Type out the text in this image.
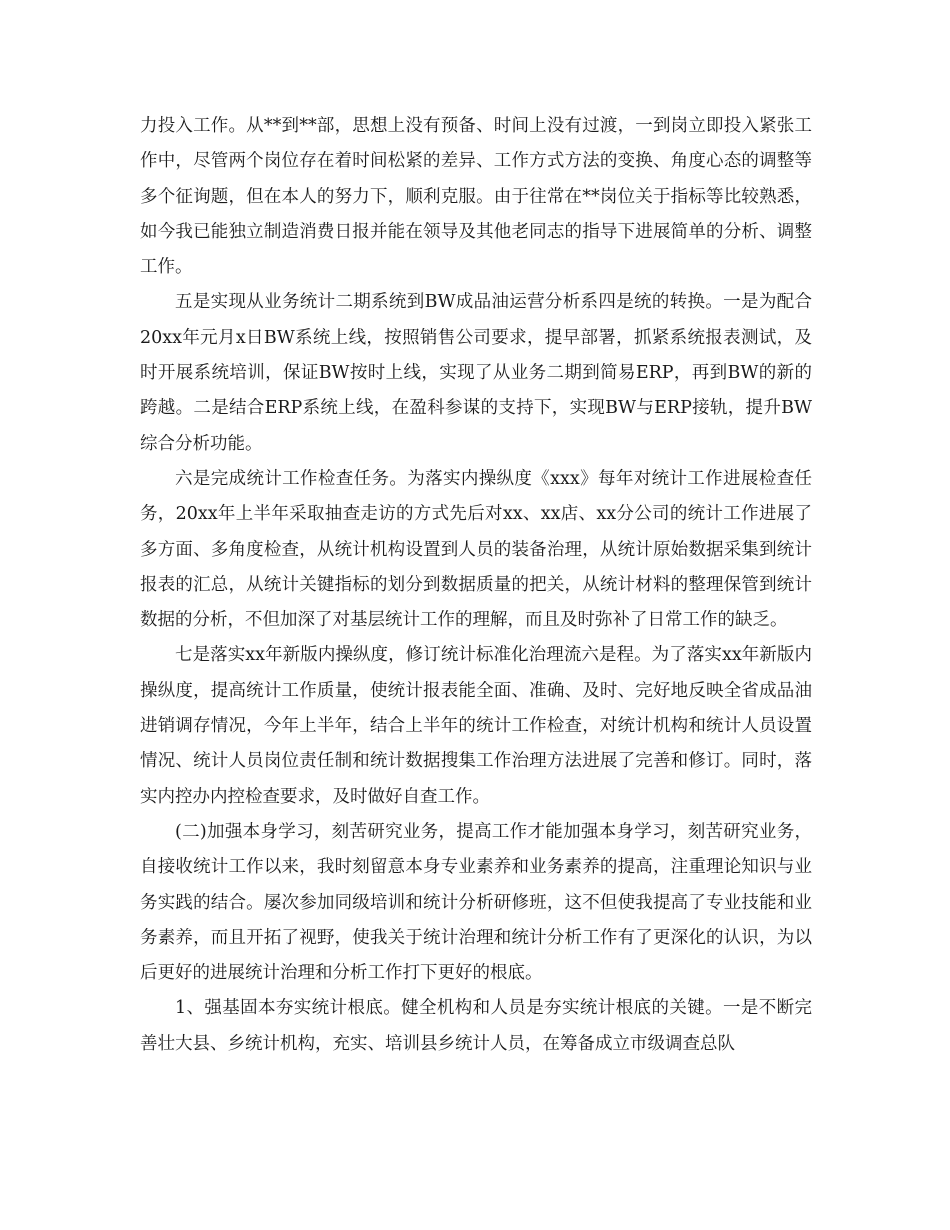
力投入工作。从**到**部，思想上没有预备、时间上没有过渡，一到岗立即投入紧张工作中，尽管两个岗位存在着时间松紧的差异、工作方式方法的变换、角度心态的调整等多个征询题，但在本人的努力下，顺利克服。由于往常在**岗位关于指标等比较熟悉，如今我已能独立制造消费日报并能在领导及其他老同志的指导下进展简单的分析、调整工作。

五是实现从业务统计二期系统到BW成品油运营分析系四是统的转换。一是为配合20xx年元月x日BW系统上线，按照销售公司要求，提早部署，抓紧系统报表测试，及时开展系统培训，保证BW按时上线，实现了从业务二期到简易ERP，再到BW的新的跨越。二是结合ERP系统上线，在盈科参谋的支持下，实现BW与ERP接轨，提升BW综合分析功能。

六是完成统计工作检查任务。为落实内操纵度《xxx》每年对统计工作进展检查任务，20xx年上半年采取抽查走访的方式先后对xx、xx店、xx分公司的统计工作进展了多方面、多角度检查，从统计机构设置到人员的装备治理，从统计原始数据采集到统计报表的汇总，从统计关键指标的划分到数据质量的把关，从统计材料的整理保管到统计数据的分析，不但加深了对基层统计工作的理解，而且及时弥补了日常工作的缺乏。

七是落实xx年新版内操纵度，修订统计标准化治理流六是程。为了落实xx年新版内操纵度，提高统计工作质量，使统计报表能全面、准确、及时、完好地反映全省成品油进销调存情况，今年上半年，结合上半年的统计工作检查，对统计机构和统计人员设置情况、统计人员岗位责任制和统计数据搜集工作治理方法进展了完善和修订。同时，落实内控办内控检查要求，及时做好自查工作。

(二)加强本身学习，刻苦研究业务，提高工作才能加强本身学习，刻苦研究业务，自接收统计工作以来，我时刻留意本身专业素养和业务素养的提高，注重理论知识与业务实践的结合。屡次参加同级培训和统计分析研修班，这不但使我提高了专业技能和业务素养，而且开拓了视野，使我关于统计治理和统计分析工作有了更深化的认识，为以后更好的进展统计治理和分析工作打下更好的根底。

1、强基固本夯实统计根底。健全机构和人员是夯实统计根底的关键。一是不断完善壮大县、乡统计机构，充实、培训县乡统计人员，在筹备成立市级调查总队
